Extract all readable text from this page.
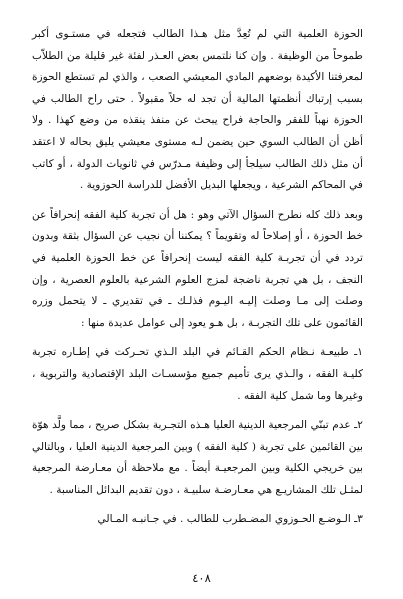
الحوزة العلمية التي لم تُعِدَّ مثل هـذا الطالب فتجعله في مستـوى أكبر طموحاً من الوظيفة . وإن كنا نلتمس بعض العـذر لفئة غير قليلة من الطلاّب لمعرفتنا الأكيدة بوضعهم المادي المعيشي الصعب ، والذي لم تستطع الحوزة بسبب إرتباك أنظمتها المالية أن تجد له حلاً مقبولاً . حتى راح الطالب في الحوزة نهباً للفقر والحاجة فراح يبحث عن منفذ ينقذه من وضع كهذا . ولا أظن أن الطالب السوي حين يضمن لـه مستوى معيشي يليق بحاله لا اعتقد أن مثل ذلك الطالب سيلجأ إلى وظيفة مـدرّس في ثانويات الدولة ، أو كاتب في المحاكم الشرعية ، ويجعلها البديل الأفضل للدراسة الحوزوية .

وبعد ذلك كله نطرح السؤال الآتي وهو : هل أن تجربة كلية الفقه إنحرافاً عن خط الحوزة ، أو إصلاحاً له وتقويماً ؟ يمكننا أن نجيب عن السؤال بثقة وبدون تردد في أن تجربـة كلية الفقه ليست إنحرافاً عن خط الحوزة العلمية في النجف ، بل هي تجربة ناضجة لمزج العلوم الشرعية بالعلوم العصرية ، وإن وصلت إلى مـا وصلت إليـه اليـوم فذلـك ـ في تقديري ـ لا يتحمل وزره القائمون على تلك التجربـة ، بل هـو يعود إلى عوامل عديدة منها :

١ـ طبيعـة نـظام الحكم القـائم في البلد الـذي تحـركت في إطـاره تجربة كليـة الفقه ، والـذي يرى تأميم جميع مؤسسـات البلد الإقتصادية والتربوية ، وغيرها وما شمل كلية الفقه .

٢ـ عدم تبنّي المرجعية الدينية العليا هـذه التجـربة بشكل صريح ، مما ولَّد هوّة بين القائمين على تجربة ( كلية الفقه ) وبين المرجعية الدينية العليا ، وبالتالي بين خريجي الكلية وبين المرجعيـة أيضاً . مع ملاحظة أن معـارضة المرجعية لمثـل تلك المشاريـع هي معـارضـة سلبيـة ، دون تقديم البدائل المناسبة .

٣ـ الـوضـع الحـوزوي المضـطرب للطالب . في جـانبـه المـالي

٤٠٨
